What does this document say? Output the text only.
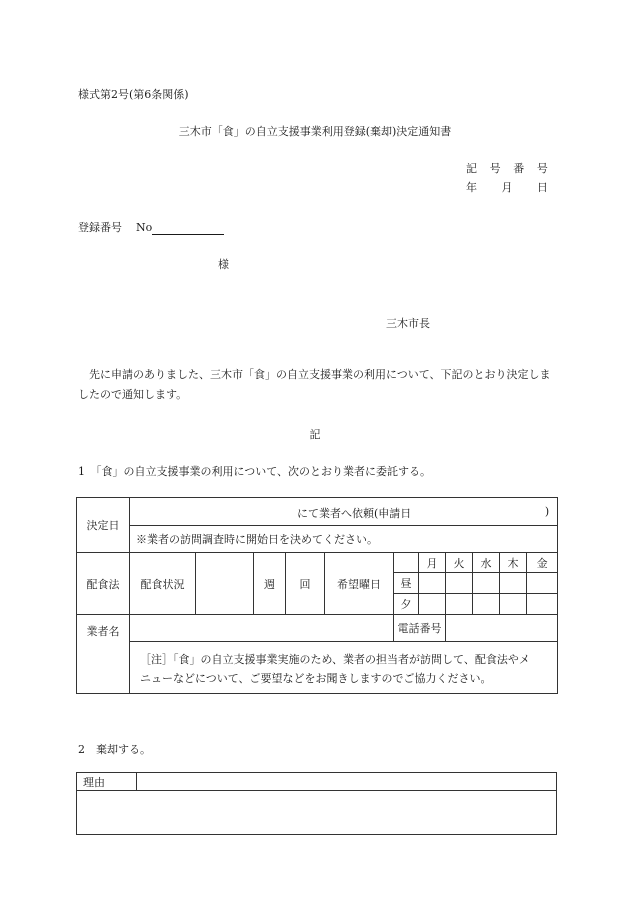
様式第2号(第6条関係)
三木市「食」の自立支援事業利用登録(棄却)決定通知書
記 号 番 号
年 月 日
登録番号 No
様
三木市長
先に申請のありました、三木市「食」の自立支援事業の利用について、下記のとおり決定しましたので通知します。
記
1　「食」の自立支援事業の利用について、次のとおり業者に委託する。
決定日	にて業者へ依頼(申請日 )										

	※業者の訪問調査時に開始日を決めてください。										
配食法	配食状況		週	回	希望曜日		月	火	水	木	金
						昼					
						夕					
業者名						電話番号					

	［注］「食」の自立支援事業実施のため、業者の担当者が訪問して、配食法やメ
ニューなどについて、ご要望などをお聞きしますのでご協力ください。										
2　棄却する。
理由	
